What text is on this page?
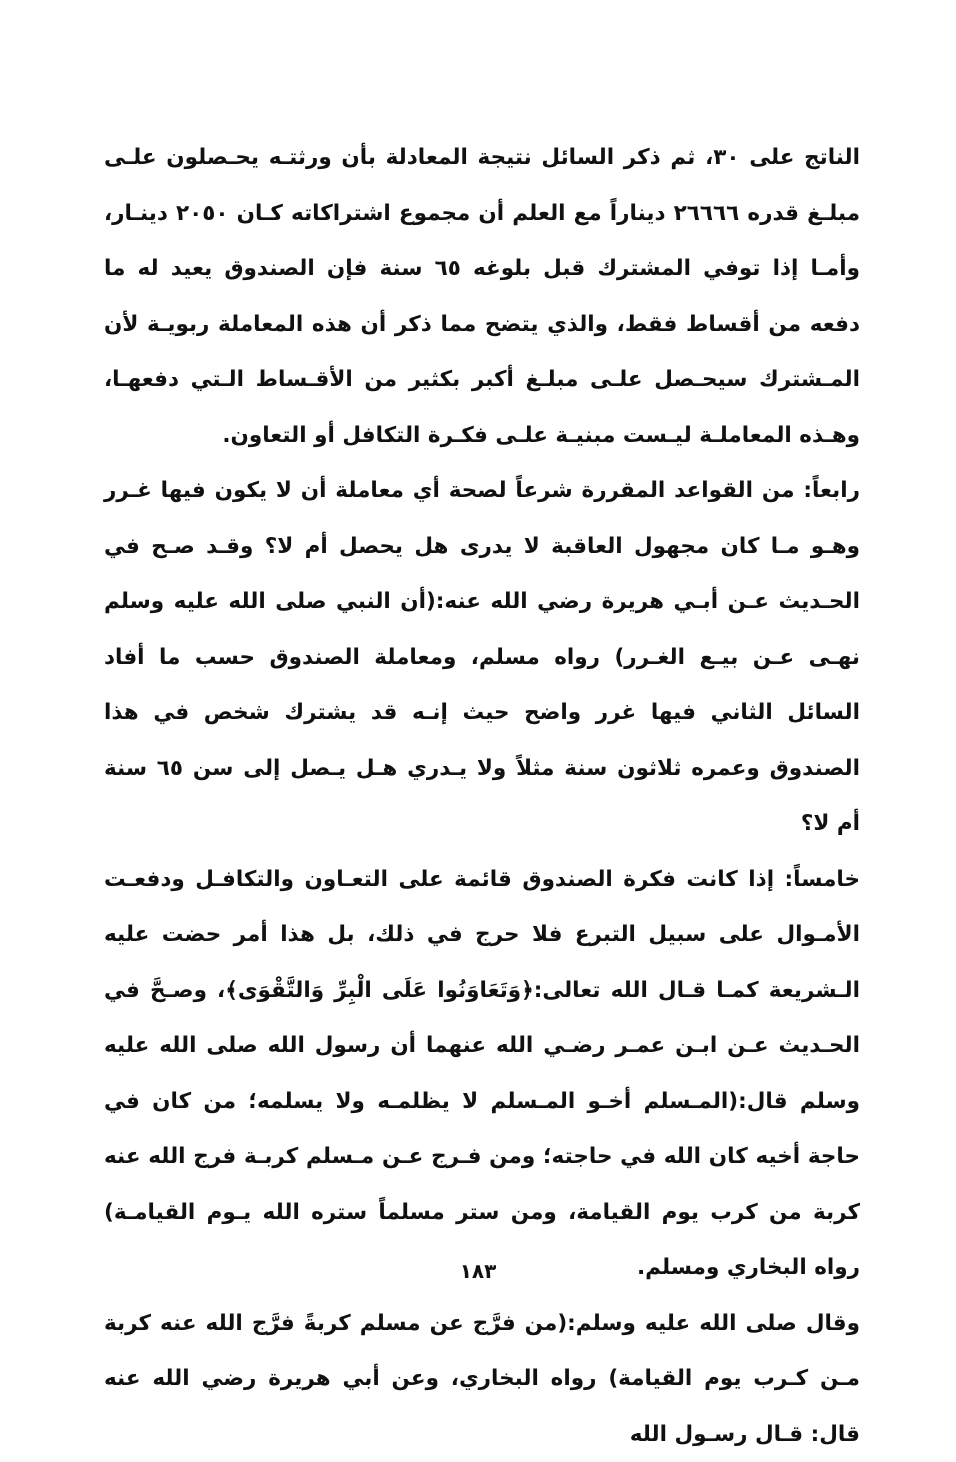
الناتج على ٣٠، ثم ذكر السائل نتيجة المعادلة بأن ورثتـه يحـصلون علـى مبلـغ قدره ٢٦٦٦٦ ديناراً مع العلم أن مجموع اشتراكاته كـان ٢٠٥٠ دينـار، وأمـا إذا توفي المشترك قبل بلوغه ٦٥ سنة فإن الصندوق يعيد له ما دفعه من أقساط فقط، والذي يتضح مما ذكر أن هذه المعاملة ربويـة لأن المـشترك سيحـصل علـى مبلـغ أكبر بكثير من الأقـساط الـتي دفعهـا، وهـذه المعاملـة ليـست مبنيـة علـى فكـرة التكافل أو التعاون.

رابعاً: من القواعد المقررة شرعاً لصحة أي معاملة أن لا يكون فيها غـرر وهـو مـا كان مجهول العاقبة لا يدرى هل يحصل أم لا؟ وقـد صـح في الحـديث عـن أبـي هريرة رضي الله عنه:(أن النبي صلى الله عليه وسلم نهـى عـن بيـع الغـرر) رواه مسلم، ومعاملة الصندوق حسب ما أفاد السائل الثاني فيها غرر واضح حيث إنـه قد يشترك شخص في هذا الصندوق وعمره ثلاثون سنة مثلاً ولا يـدري هـل يـصل إلى سن ٦٥ سنة أم لا؟

خامساً: إذا كانت فكرة الصندوق قائمة على التعـاون والتكافـل ودفعـت الأمـوال على سبيل التبرع فلا حرج في ذلك، بل هذا أمر حضت عليه الـشريعة كمـا قـال الله تعالى:﴿وَتَعَاوَنُوا عَلَى الْبِرِّ وَالتَّقْوَى﴾، وصـحَّ في الحـديث عـن ابـن عمـر رضـي الله عنهما أن رسول الله صلى الله عليه وسلم قال:(المـسلم أخـو المـسلم لا يظلمـه ولا يسلمه؛ من كان في حاجة أخيه كان الله في حاجته؛ ومن فـرج عـن مـسلم كربـة فرج الله عنه كربة من كرب يوم القيامة، ومن ستر مسلماً ستره الله يـوم القيامـة) رواه البخاري ومسلم.

وقال صلى الله عليه وسلم:(من فرَّج عن مسلم كربةً فرَّج الله عنه كربة مـن كـرب يوم القيامة) رواه البخاري، وعن أبي هريرة رضي الله عنه قال: قـال رسـول الله

١٨٣
